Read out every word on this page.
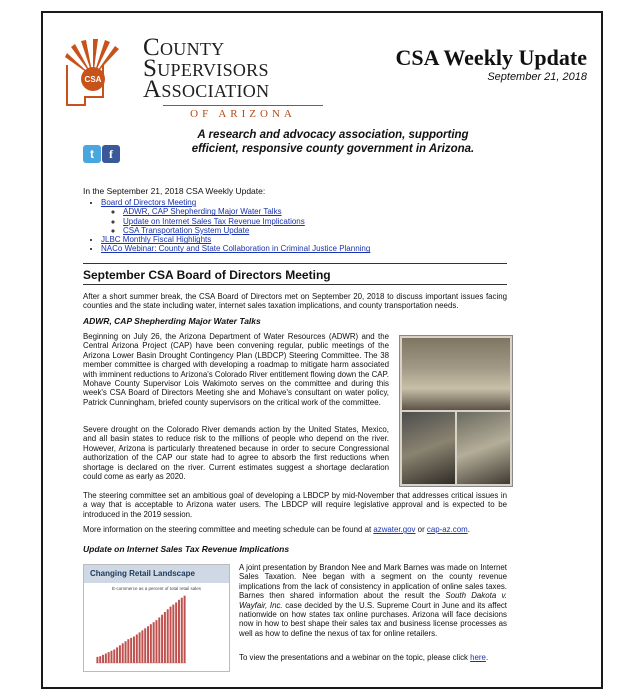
CSA
County
Supervisors
Association
OF ARIZONA
CSA Weekly Update
September 21, 2018
A research and advocacy association, supporting
efficient, responsive county government in Arizona.
t	f
In the September 21, 2018 CSA Weekly Update:
• Board of Directors Meeting
◦ ADWR, CAP Shepherding Major Water Talks
◦ Update on Internet Sales Tax Revenue Implications
◦ CSA Transportation System Update
• JLBC Monthly Fiscal Highlights
• NACo Webinar: County and State Collaboration in Criminal Justice Planning
September CSA Board of Directors Meeting
After a short summer break, the CSA Board of Directors met on September 20, 2018 to discuss important issues facing counties and the state including water, internet sales taxation implications, and county transportation needs.
ADWR, CAP Shepherding Major Water Talks
Beginning on July 26, the Arizona Department of Water Resources (ADWR) and the Central Arizona Project (CAP) have been convening regular, public meetings of the Arizona Lower Basin Drought Contingency Plan (LBDCP) Steering Committee. The 38 member committee is charged with developing a roadmap to mitigate harm associated with imminent reductions to Arizona's Colorado River entitlement flowing down the CAP. Mohave County Supervisor Lois Wakimoto serves on the committee and during this week's CSA Board of Directors Meeting she and Mohave's consultant on water policy, Patrick Cunningham, briefed county supervisors on the critical work of the committee.
Severe drought on the Colorado River demands action by the United States, Mexico, and all basin states to reduce risk to the millions of people who depend on the river. However, Arizona is particularly threatened because in order to secure Congressional authorization of the CAP our state had to agree to absorb the first reductions when shortage is declared on the river. Current estimates suggest a shortage declaration could come as early as 2020.
The steering committee set an ambitious goal of developing a LBDCP by mid-November that addresses critical issues in a way that is acceptable to Arizona water users. The LBDCP will require legislative approval and is expected to be introduced in the 2019 session.
More information on the steering committee and meeting schedule can be found at azwater.gov or cap-az.com.
Update on Internet Sales Tax Revenue Implications
Changing Retail Landscape
E-commerce as a percent of total retail sales
A joint presentation by Brandon Nee and Mark Barnes was made on Internet Sales Taxation. Nee began with a segment on the county revenue implications from the lack of consistency in application of online sales taxes. Barnes then shared information about the result the South Dakota v. Wayfair, Inc. case decided by the U.S. Supreme Court in June and its affect nationwide on how states tax online purchases. Arizona will face decisions now in how to best shape their sales tax and business license processes as well as how to define the nexus of tax for online retailers.
To view the presentations and a webinar on the topic, please click here.
